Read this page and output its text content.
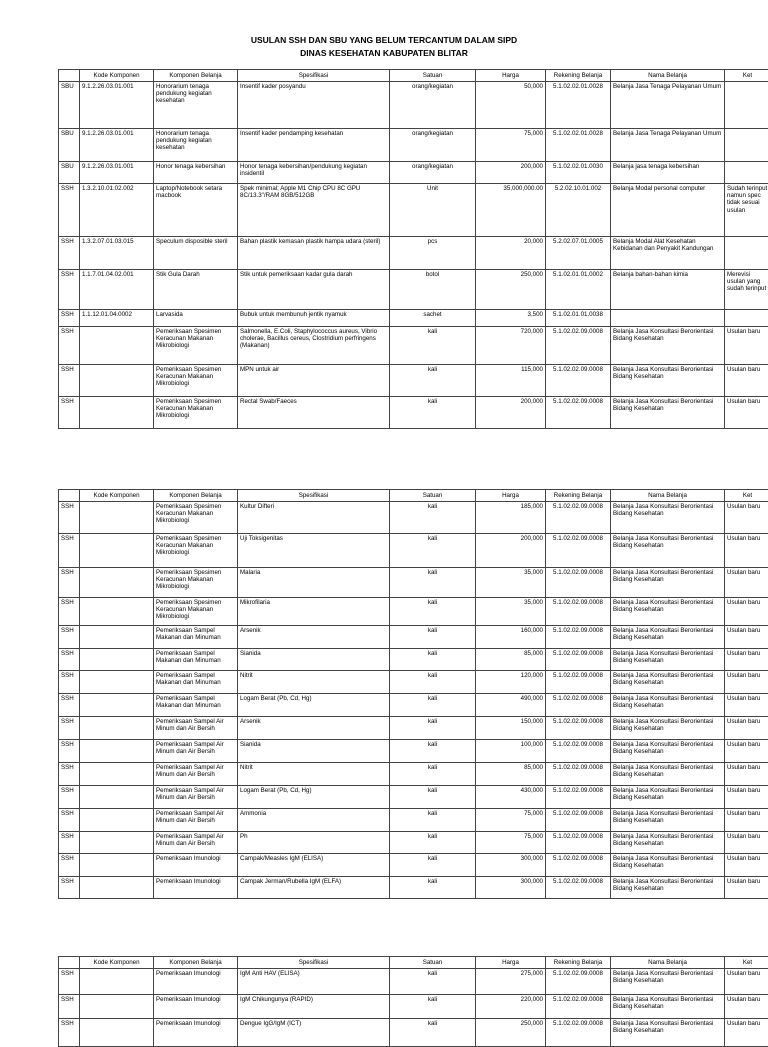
USULAN SSH DAN SBU YANG BELUM TERCANTUM DALAM SIPD
DINAS KESEHATAN KABUPATEN BLITAR
	Kode Komponen	Komponen Belanja	Spesifikasi	Satuan	Harga	Rekening Belanja	Nama Belanja	Ket
SBU	9.1.2.26.03.01.001	Honorarium tenaga pendukung kegiatan kesehatan	Insentif kader posyandu	orang/kegiatan	50,000	5.1.02.02.01.0028	Belanja Jasa Tenaga Pelayanan Umum	
SBU	9.1.2.26.03.01.001	Honorarium tenaga pendukung kegiatan kesehatan	Insentif kader pendamping kesehatan	orang/kegiatan	75,000	5.1.02.02.01.0028	Belanja Jasa Tenaga Pelayanan Umum	
SBU	9.1.2.26.03.01.001	Honor tenaga kebersihan	Honor tenaga kebersihan/pendukung kegiatan insidentil	orang/kegiatan	200,000	5.1.02.02.01.0030	Belanja jasa tenaga kebersihan	
SSH	1.3.2.10.01.02.002	Laptop/Notebook setara macbook	Spek minimal; Apple M1 Chip CPU 8C GPU 8C/13.3"/RAM 8GB/512GB	Unit	35,000,000.00	5.2.02.10.01.002	Belanja Modal personal computer	Sudah terinput namun spec tidak sesuai usulan
SSH	1.3.2.07.01.03.015	Speculum disposible steril	Bahan plastik kemasan plastik hampa udara (steril)	pcs	20,000	5.2.02.07.01.0005	Belanja Modal Alat Kesehatan Kebidanan dan Penyakit Kandungan	
SSH	1.1.7.01.04.02.001	Stik Gula Darah	Stik untuk pemeriksaan kadar gula darah	botol	250,000	5.1.02.01.01.0002	Belanja bahan-bahan kimia	Merevisi usulan yang sudah terinput
SSH	1.1.12.01.04.0002	Larvasida	Bubuk untuk membunuh jentik nyamuk	sachet	3,500	5.1.02.01.01.0038		
SSH		Pemeriksaan Spesimen Keracunan Makanan Mikrobiologi	Salmonella, E.Coli, Staphylococcus aureus, Vibrio cholerae, Bacillus cereus, Clostridium perfringens (Makanan)	kali	720,000	5.1.02.02.09.0008	Belanja Jasa Konsultasi Berorientasi Bidang Kesehatan	Usulan baru
SSH		Pemeriksaan Spesimen Keracunan Makanan Mikrobiologi	MPN untuk air	kali	115,000	5.1.02.02.09.0008	Belanja Jasa Konsultasi Berorientasi Bidang Kesehatan	Usulan baru
SSH		Pemeriksaan Spesimen Keracunan Makanan Mikrobiologi	Rectal Swab/Faeces	kali	200,000	5.1.02.02.09.0008	Belanja Jasa Konsultasi Berorientasi Bidang Kesehatan	Usulan baru
	Kode Komponen	Komponen Belanja	Spesifikasi	Satuan	Harga	Rekening Belanja	Nama Belanja	Ket
SSH		Pemeriksaan Spesimen Keracunan Makanan Mikrobiologi	Kultur Difteri	kali	185,000	5.1.02.02.09.0008	Belanja Jasa Konsultasi Berorientasi Bidang Kesehatan	Usulan baru
SSH		Pemeriksaan Spesimen Keracunan Makanan Mikrobiologi	Uji Toksigenitas	kali	200,000	5.1.02.02.09.0008	Belanja Jasa Konsultasi Berorientasi Bidang Kesehatan	Usulan baru
SSH		Pemeriksaan Spesimen Keracunan Makanan Mikrobiologi	Malaria	kali	35,000	5.1.02.02.09.0008	Belanja Jasa Konsultasi Berorientasi Bidang Kesehatan	Usulan baru
SSH		Pemeriksaan Spesimen Keracunan Makanan Mikrobiologi	Mikrofilaria	kali	35,000	5.1.02.02.09.0008	Belanja Jasa Konsultasi Berorientasi Bidang Kesehatan	Usulan baru
SSH		Pemeriksaan Sampel Makanan dan Minuman	Arsenik	kali	160,000	5.1.02.02.09.0008	Belanja Jasa Konsultasi Berorientasi Bidang Kesehatan	Usulan baru
SSH		Pemeriksaan Sampel Makanan dan Minuman	Sianida	kali	85,000	5.1.02.02.09.0008	Belanja Jasa Konsultasi Berorientasi Bidang Kesehatan	Usulan baru
SSH		Pemeriksaan Sampel Makanan dan Minuman	Nitrit	kali	120,000	5.1.02.02.09.0008	Belanja Jasa Konsultasi Berorientasi Bidang Kesehatan	Usulan baru
SSH		Pemeriksaan Sampel Makanan dan Minuman	Logam Berat (Pb, Cd, Hg)	kali	490,000	5.1.02.02.09.0008	Belanja Jasa Konsultasi Berorientasi Bidang Kesehatan	Usulan baru
SSH		Pemeriksaan Sampel Air Minum dan Air Bersih	Arsenik	kali	150,000	5.1.02.02.09.0008	Belanja Jasa Konsultasi Berorientasi Bidang Kesehatan	Usulan baru
SSH		Pemeriksaan Sampel Air Minum dan Air Bersih	Sianida	kali	100,000	5.1.02.02.09.0008	Belanja Jasa Konsultasi Berorientasi Bidang Kesehatan	Usulan baru
SSH		Pemeriksaan Sampel Air Minum dan Air Bersih	Nitrit	kali	85,000	5.1.02.02.09.0008	Belanja Jasa Konsultasi Berorientasi Bidang Kesehatan	Usulan baru
SSH		Pemeriksaan Sampel Air Minum dan Air Bersih	Logam Berat (Pb, Cd, Hg)	kali	430,000	5.1.02.02.09.0008	Belanja Jasa Konsultasi Berorientasi Bidang Kesehatan	Usulan baru
SSH		Pemeriksaan Sampel Air Minum dan Air Bersih	Ammonia	kali	75,000	5.1.02.02.09.0008	Belanja Jasa Konsultasi Berorientasi Bidang Kesehatan	Usulan baru
SSH		Pemeriksaan Sampel Air Minum dan Air Bersih	Ph	kali	75,000	5.1.02.02.09.0008	Belanja Jasa Konsultasi Berorientasi Bidang Kesehatan	Usulan baru
SSH		Pemeriksaan Imunologi	Campak/Measles IgM (ELISA)	kali	300,000	5.1.02.02.09.0008	Belanja Jasa Konsultasi Berorientasi Bidang Kesehatan	Usulan baru
SSH		Pemeriksaan Imunologi	Campak Jerman/Rubella IgM (ELFA)	kali	300,000	5.1.02.02.09.0008	Belanja Jasa Konsultasi Berorientasi Bidang Kesehatan	Usulan baru
	Kode Komponen	Komponen Belanja	Spesifikasi	Satuan	Harga	Rekening Belanja	Nama Belanja	Ket
SSH		Pemeriksaan Imunologi	IgM Anti HAV (ELISA)	kali	275,000	5.1.02.02.09.0008	Belanja Jasa Konsultasi Berorientasi Bidang Kesehatan	Usulan baru
SSH		Pemeriksaan Imunologi	IgM Chikungunya (RAPID)	kali	220,000	5.1.02.02.09.0008	Belanja Jasa Konsultasi Berorientasi Bidang Kesehatan	Usulan baru
SSH		Pemeriksaan Imunologi	Dengue IgG/IgM (ICT)	kali	250,000	5.1.02.02.09.0008	Belanja Jasa Konsultasi Berorientasi Bidang Kesehatan	Usulan baru
